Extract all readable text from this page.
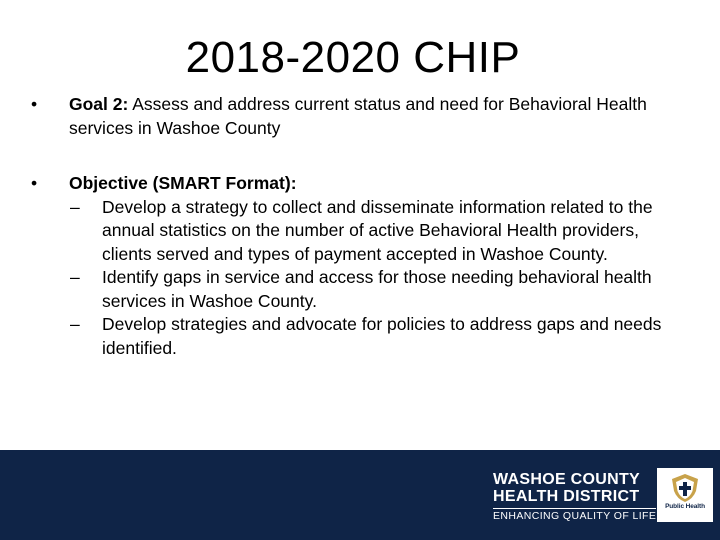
2018-2020 CHIP
•	Goal 2: Assess and address current status and need for Behavioral Health services in Washoe County
•	Objective (SMART Format):
– Develop a strategy to collect and disseminate information related to the annual statistics on the number of active Behavioral Health providers, clients served and types of payment accepted in Washoe County.
– Identify gaps in service and access for those needing behavioral health services in Washoe County.
– Develop strategies and advocate for policies to address gaps and needs identified.
WASHOE COUNTY
HEALTH DISTRICT
ENHANCING QUALITY OF LIFE
Public Health
